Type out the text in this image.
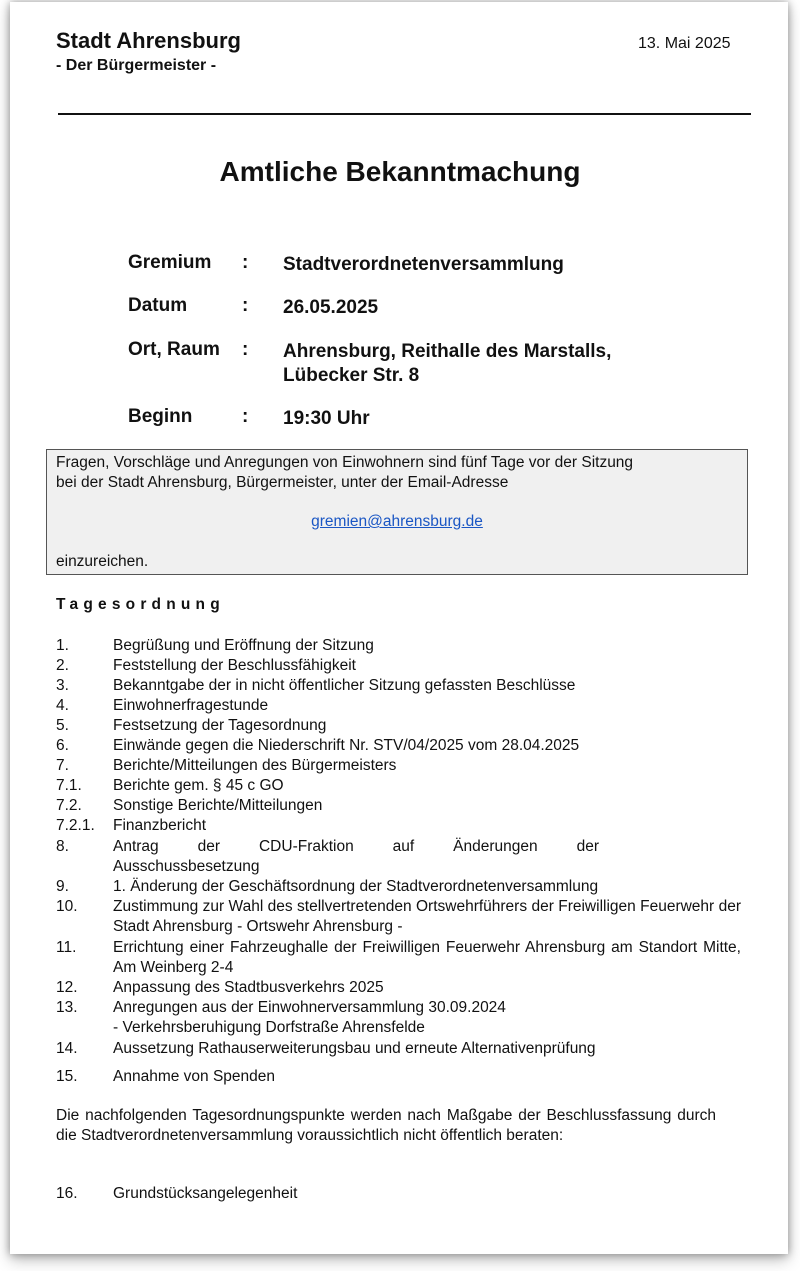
Stadt Ahrensburg
- Der Bürgermeister -
13. Mai 2025
Amtliche Bekanntmachung
Gremium : Stadtverordnetenversammlung
Datum	: 26.05.2025
Ort, Raum : Ahrensburg, Reithalle des Marstalls,
Lübecker Str. 8
Beginn	: 19:30 Uhr
Fragen, Vorschläge und Anregungen von Einwohnern sind fünf Tage vor der Sitzung
bei der Stadt Ahrensburg, Bürgermeister, unter der Email-Adresse
gremien@ahrensburg.de
einzureichen.
Tagesordnung
1.	Begrüßung und Eröffnung der Sitzung
2.	Feststellung der Beschlussfähigkeit
3.	Bekanntgabe der in nicht öffentlicher Sitzung gefassten Beschlüsse
4.	Einwohnerfragestunde
5.	Festsetzung der Tagesordnung
6.	Einwände gegen die Niederschrift Nr. STV/04/2025 vom 28.04.2025
7.	Berichte/Mitteilungen des Bürgermeisters
7.1. Berichte gem. § 45 c GO
7.2. Sonstige Berichte/Mitteilungen
7.2.1. Finanzbericht
8.	Antrag der CDU-Fraktion auf Änderungen der
Ausschussbesetzung
9.	1. Änderung der Geschäftsordnung der Stadtverordnetenversammlung
10. Zustimmung zur Wahl des stellvertretenden Ortswehrführers der Freiwilligen Feuerwehr der Stadt Ahrensburg - Ortswehr Ahrensburg -
11. Errichtung einer Fahrzeughalle der Freiwilligen Feuerwehr Ahrensburg am Standort Mitte, Am Weinberg 2-4
12. Anpassung des Stadtbusverkehrs 2025
13. Anregungen aus der Einwohnerversammlung 30.09.2024
- Verkehrsberuhigung Dorfstraße Ahrensfelde
14. Aussetzung Rathauserweiterungsbau und erneute Alternativenprüfung
15. Annahme von Spenden
Die nachfolgenden Tagesordnungspunkte werden nach Maßgabe der Beschlussfassung durch die Stadtverordnetenversammlung voraussichtlich nicht öffentlich beraten:
16. Grundstücksangelegenheit
